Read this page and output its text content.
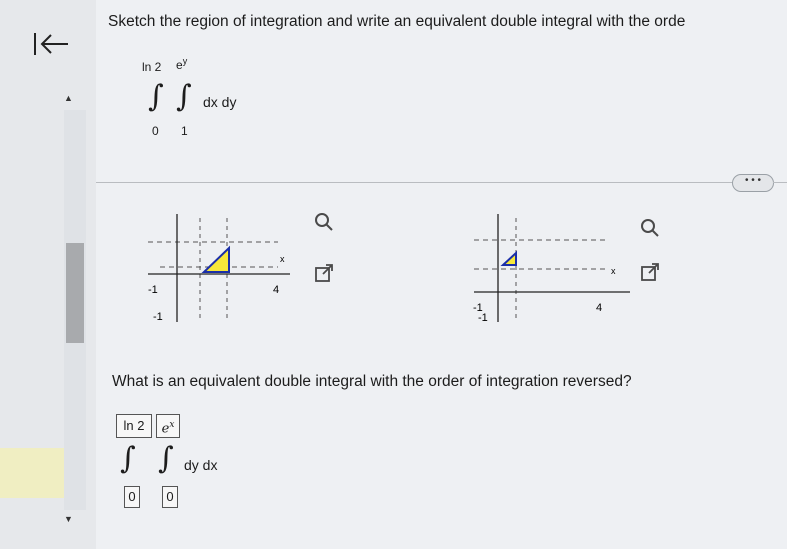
▲
▼
Sketch the region of integration and write an equivalent double integral with the orde
ln 2 $e^y$
∫ ∫ dx dy
0 1
• • •
x
-1	4
-1
x
-1	4
-1
What is an equivalent double integral with the order of integration reversed?
ln 2	$e^x$
∫ ∫ dy dx
0	0
